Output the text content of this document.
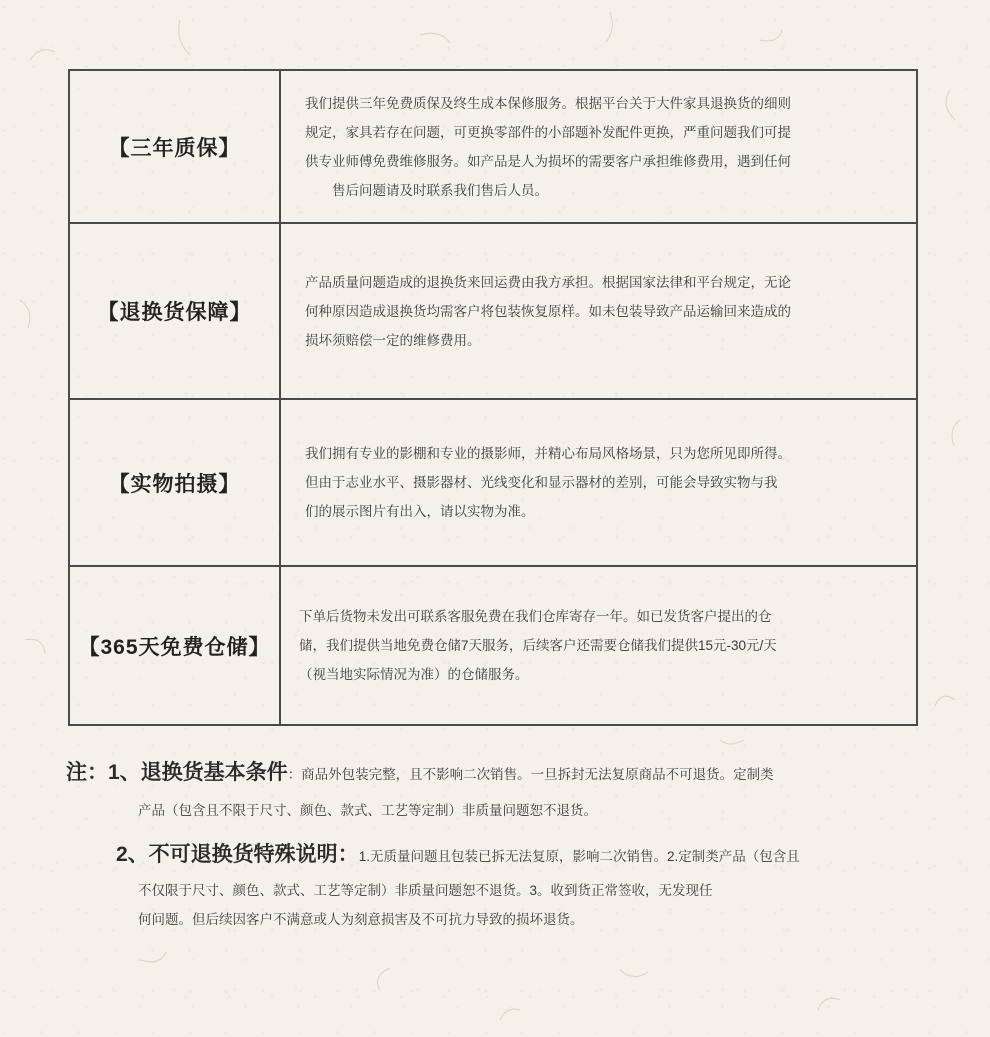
【三年质保】

我们提供三年免费质保及终生成本保修服务。根据平台关于大件家具退换货的细则
规定，家具若存在问题，可更换零部件的小部题补发配件更换，严重问题我们可提
供专业师傅免费维修服务。如产品是人为损坏的需要客户承担维修费用，遇到任何
　　售后问题请及时联系我们售后人员。

【退换货保障】

产品质量问题造成的退换货来回运费由我方承担。根据国家法律和平台规定，无论
何种原因造成退换货均需客户将包装恢复原样。如未包装导致产品运输回来造成的
损坏须赔偿一定的维修费用。

【实物拍摄】

我们拥有专业的影棚和专业的摄影师，并精心布局风格场景，只为您所见即所得。
但由于志业水平、摄影器材、光线变化和显示器材的差别，可能会导致实物与我
们的展示图片有出入，请以实物为准。

【365天免费仓储】

下单后货物未发出可联系客服免费在我们仓库寄存一年。如已发货客户提出的仓
储，我们提供当地免费仓储7天服务，后续客户还需要仓储我们提供15元-30元/天
（视当地实际情况为准）的仓储服务。

注：1、退换货基本条件：商品外包装完整，且不影响二次销售。一旦拆封无法复原商品不可退货。定制类
产品（包含且不限于尺寸、颜色、款式、工艺等定制）非质量问题恕不退货。
2、不可退换货特殊说明：1.无质量问题且包装已拆无法复原，影响二次销售。2.定制类产品（包含且
不仅限于尺寸、颜色、款式、工艺等定制）非质量问题恕不退货。3。收到货正常签收，无发现任
何问题。但后续因客户不满意或人为刻意损害及不可抗力导致的损坏退货。
